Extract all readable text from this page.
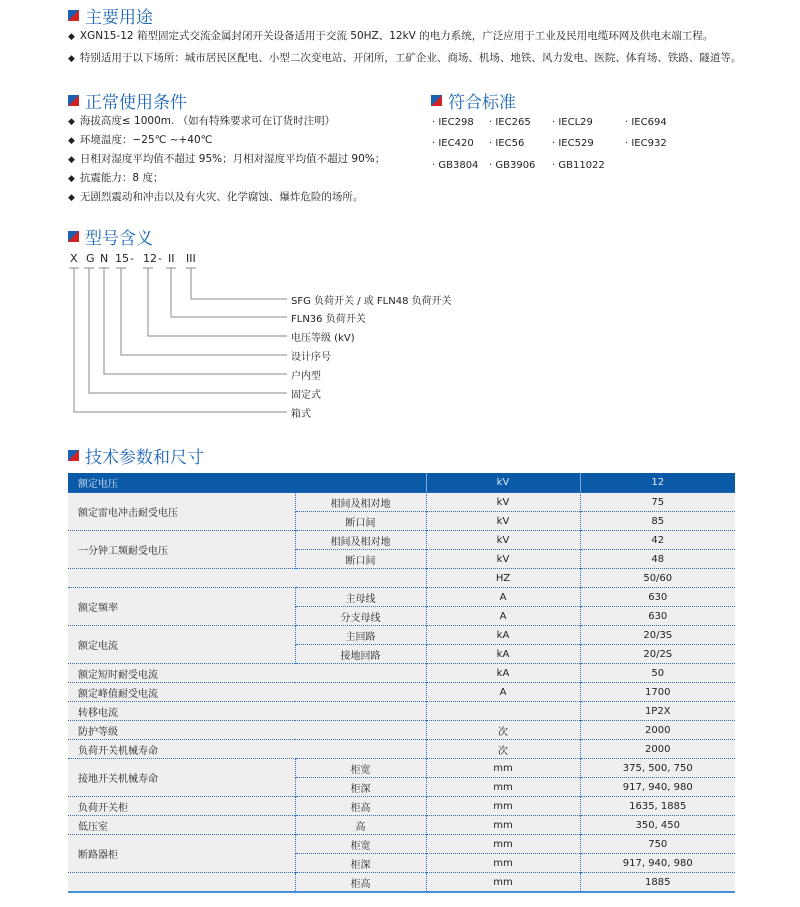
主要用途
◆ XGN15-12 箱型固定式交流金属封闭开关设备适用于交流 50HZ、12kV 的电力系统，广泛应用于工业及民用电缆环网及供电末端工程。
◆ 特别适用于以下场所：城市居民区配电、小型二次变电站、开闭所，工矿企业、商场、机场、地铁、风力发电、医院、体育场、铁路、隧道等。
正常使用条件
◆ 海拔高度≤ 1000m. （如有特殊要求可在订货时注明）
◆ 环境温度：−25℃ ~+40℃
◆ 日相对湿度平均值不超过 95%；月相对湿度平均值不超过 90%；
◆ 抗震能力：8 度；
◆ 无剧烈震动和冲击以及有火灾、化学腐蚀、爆炸危险的场所。
符合标准
· IEC298	· IEC265	· IECL29	· IEC694
· IEC420	· IEC56	· IEC529	· IEC932
· GB3804	· GB3906	· GB11022
型号含义
X G N 15 - 12 - II III
SFG 负荷开关 / 或 FLN48 负荷开关
FLN36 负荷开关
电压等级 (kV)
设计序号
户内型
固定式
箱式
技术参数和尺寸
额定电压		kV	12
额定雷电冲击耐受电压	相间及相对地	kV	75
	断口间	kV	85
一分钟工频耐受电压	相间及相对地	kV	42
	断口间	kV	48
		HZ	50/60
额定频率	主母线	A	630
	分支母线	A	630
额定电流	主回路	kA	20/3S
	接地回路	kA	20/2S
额定短时耐受电流		kA	50
额定峰值耐受电流		A	1700
转移电流			1P2X
防护等级		次	2000
负荷开关机械寿命		次	2000
接地开关机械寿命	柜宽	mm	375, 500, 750
	柜深	mm	917, 940, 980
负荷开关柜	柜高	mm	1635, 1885
低压室	高	mm	350, 450
断路器柜	柜宽	mm	750
	柜深	mm	917, 940, 980
	柜高	mm	1885
